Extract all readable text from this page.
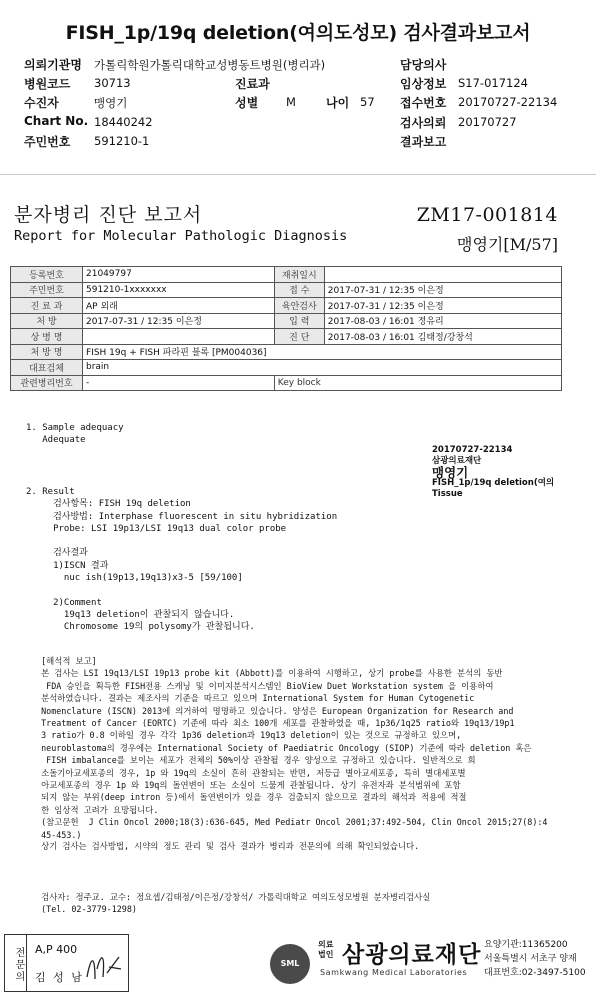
FISH_1p/19q deletion(여의도성모) 검사결과보고서
의뢰기관명 가톨릭학원가톨릭대학교성병동트병원(병리과)
병원코드 30713	진료과
수진자	맹영기	성별 M	나이 57
Chart No. 18440242
주민번호 591210-1
담당의사
임상정보 S17-017124
접수번호 20170727-22134
검사의뢰 20170727
결과보고
분자병리 진단 보고서
Report for Molecular Pathologic Diagnosis
ZM17-001814
맹영기[M/57]
등록번호	21049797	재취일시	
주민번호	591210-1xxxxxxx	접 수	2017-07-31 / 12:35 이은정
진 료 과	AP 외래	육안검사	2017-07-31 / 12:35 이은정
처 방	2017-07-31 / 12:35 이은정	입 력	2017-08-03 / 16:01 정유리
상 병 명		진 단	2017-08-03 / 16:01 김태정/강창석
처 방 명	FISH 19q + FISH 파라핀 블록 [PM004036]		
대표검체	brain		
관련병리번호	-	Key block	
1. Sample adequacy
Adequate
2. Result
검사항목: FISH 19q deletion
검사방법: Interphase fluorescent in situ hybridization
Probe: LSI 19p13/LSI 19q13 dual color probe

검사결과
1)ISCN 결과
nuc ish(19p13,19q13)x3-5 [59/100]

2)Comment
19q13 deletion이 관찰되지 않습니다.
Chromosome 19의 polysomy가 관찰됩니다.
[해석적 보고]
본 검사는 LSI 19q13/LSI 19p13 probe kit (Abbott)를 이용하여 시행하고, 상기 probe를 사용한 분석의 동반
FDA 승인을 획득한 FISH전용 스캐닝 및 이미지분석시스템인 BioView Duet Workstation system 을 이용하여
분석하였습니다. 결과는 제조사의 기준을 따르고 있으며 International System for Human Cytogenetic
Nomenclature (ISCN) 2013에 의거하여 명명하고 있습니다. 양성은 European Organization for Research and
Treatment of Cancer (EORTC) 기준에 따라 최소 100개 세포를 관찰하였을 때, 1p36/1q25 ratio와 19q13/19p1
3 ratio가 0.8 이하일 경우 각각 1p36 deletion과 19q13 deletion이 있는 것으로 규정하고 있으며,
neuroblastoma의 경우에는 International Society of Paediatric Oncology (SIOP) 기준에 따라 deletion 혹은
FISH imbalance를 보이는 세포가 전체의 50%이상 관찰될 경우 양성으로 규정하고 있습니다. 일반적으로 희
소돌기아교세포종의 경우, 1p 와 19q의 소실이 흔히 관찰되는 반면, 저등급 별아교세포종, 특히 별대세포별
아교세포종의 경우 1p 와 19q의 돌연변이 또는 소실이 드물게 관찰됩니다. 상기 유전자좌 분석범위에 포함
되지 않는 부위(deep intron 등)에서 돌연변이가 있을 경우 검출되지 않으므로 결과의 해석과 적용에 적절
한 임상적 고려가 요망됩니다.
(참고문헌  J Clin Oncol 2000;18(3):636-645, Med Pediatr Oncol 2001;37:492-504, Clin Oncol 2015;27(8):4
45-453.)
상기 검사는 검사방법, 시약의 정도 관리 및 검사 결과가 병리과 전문의에 의해 확인되었습니다.
검사자: 정주교. 교수: 정요셉/김태정/이은정/강창석/ 가톨릭대학교 여의도성모병원 분자병리검사실
(Tel. 02-3779-1298)
20170727-22134
삼광의료재단
맹영기
FISH_1p/19q deletion(여의
Tissue
전문의 A,P 400
김 성 남
SML
의료
법인 삼광의료재단
Samkwang Medical Laboratories
요양기관:11365200
서울특별시 서초구 양재
대표번호:02-3497-5100
